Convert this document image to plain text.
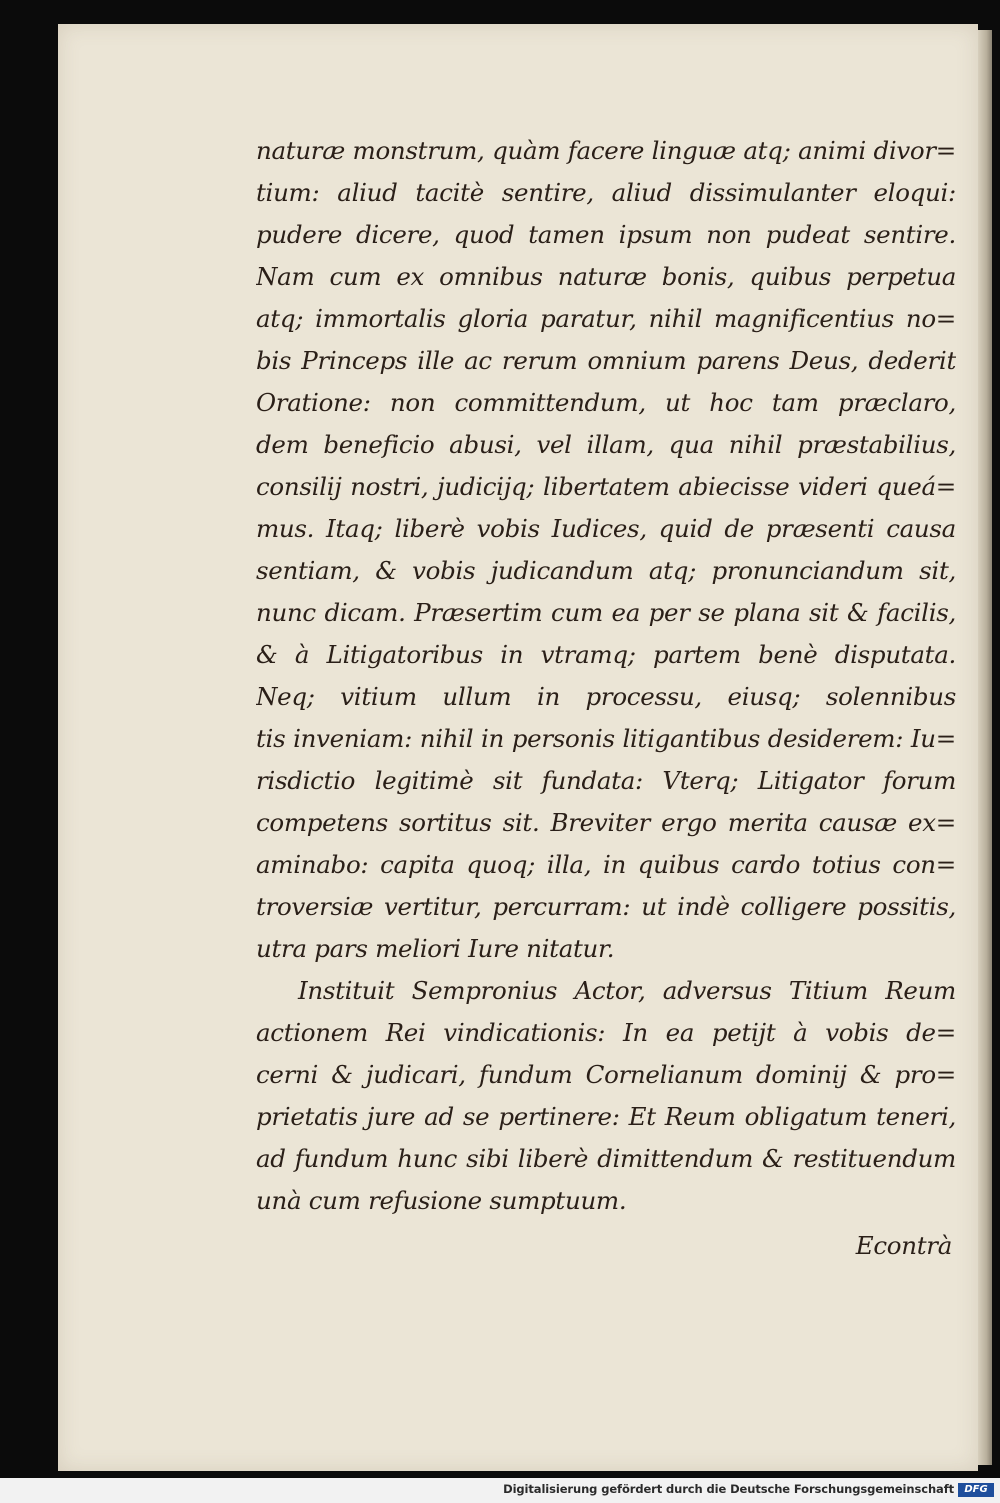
naturæ monstrum, quàm facere linguæ atq; animi divor=
tium: aliud tacitè sentire, aliud dissimulanter eloqui:
pudere dicere, quod tamen ipsum non pudeat sentire.
Nam cum ex omnibus naturæ bonis, quibus perpetua
atq; immortalis gloria paratur, nihil magnificentius no=
bis Princeps ille ac rerum omnium parens Deus, dederit
Oratione: non committendum, ut hoc tam præclaro,
dem beneficio abusi, vel illam, qua nihil præstabilius,
consilij nostri, judicijq; libertatem abiecisse videri queá=
mus. Itaq; liberè vobis Iudices, quid de præsenti causa
sentiam, & vobis judicandum atq; pronunciandum sit,
nunc dicam. Præsertim cum ea per se plana sit & facilis,
& à Litigatoribus in vtramq; partem benè disputata.
Neq; vitium ullum in processu, eiusq; solennibus
tis inveniam: nihil in personis litigantibus desiderem: Iu=
risdictio legitimè sit fundata: Vterq; Litigator forum
competens sortitus sit. Breviter ergo merita causæ ex=
aminabo: capita quoq; illa, in quibus cardo totius con=
troversiæ vertitur, percurram: ut indè colligere possitis,
utra pars meliori Iure nitatur.
Instituit Sempronius Actor, adversus Titium Reum
actionem Rei vindicationis: In ea petijt à vobis de=
cerni & judicari, fundum Cornelianum dominij & pro=
prietatis jure ad se pertinere: Et Reum obligatum teneri,
ad fundum hunc sibi liberè dimittendum & restituendum
unà cum refusione sumptuum.
Econtrà
Digitalisierung gefördert durch die Deutsche Forschungsgemeinschaft	DFG
